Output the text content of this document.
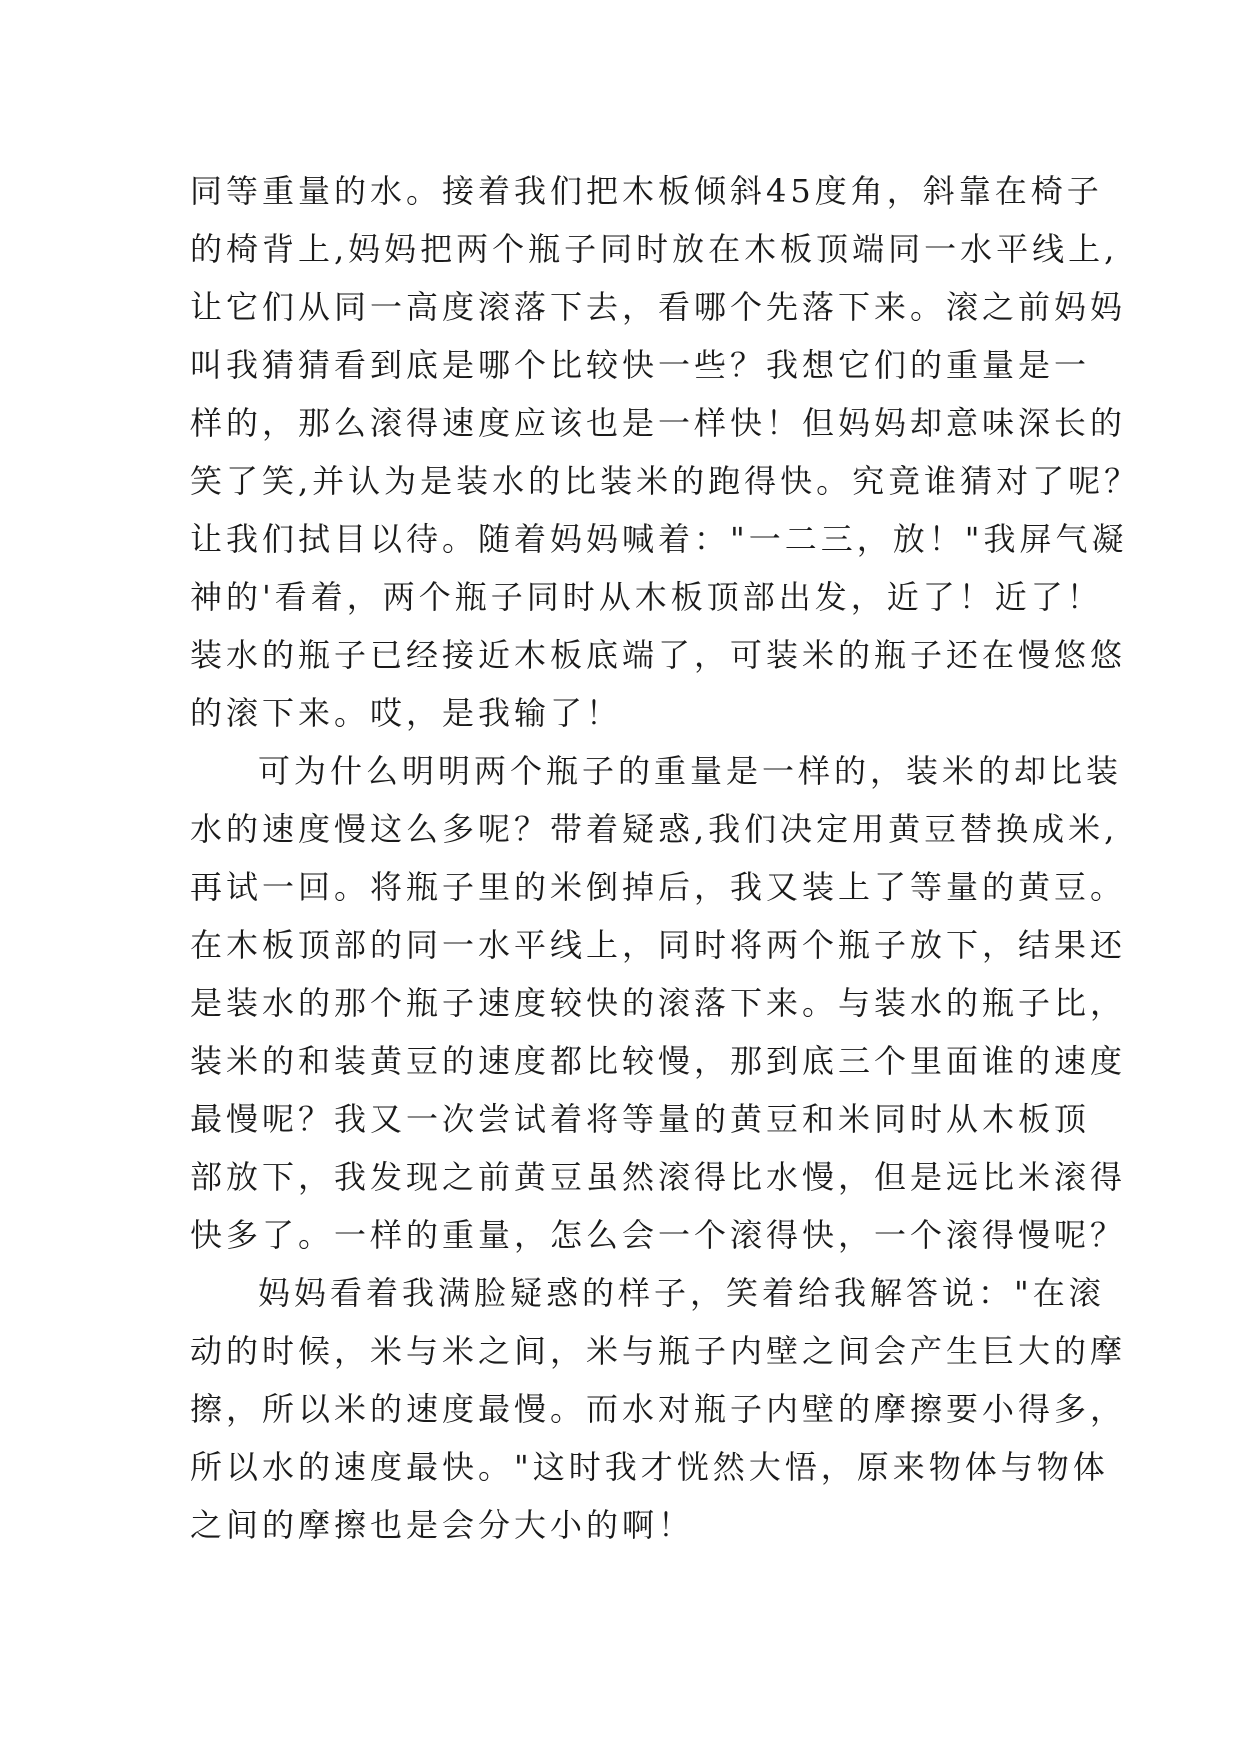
同等重量的水。接着我们把木板倾斜45度角，斜靠在椅子
的椅背上,妈妈把两个瓶子同时放在木板顶端同一水平线上,
让它们从同一高度滚落下去，看哪个先落下来。滚之前妈妈
叫我猜猜看到底是哪个比较快一些？我想它们的重量是一
样的，那么滚得速度应该也是一样快！但妈妈却意味深长的
笑了笑,并认为是装水的比装米的跑得快。究竟谁猜对了呢？
让我们拭目以待。随着妈妈喊着："一二三，放！"我屏气凝
神的'看着，两个瓶子同时从木板顶部出发，近了！近了！
装水的瓶子已经接近木板底端了，可装米的瓶子还在慢悠悠
的滚下来。哎，是我输了！
可为什么明明两个瓶子的重量是一样的，装米的却比装
水的速度慢这么多呢？带着疑惑,我们决定用黄豆替换成米,
再试一回。将瓶子里的米倒掉后，我又装上了等量的黄豆。
在木板顶部的同一水平线上，同时将两个瓶子放下，结果还
是装水的那个瓶子速度较快的滚落下来。与装水的瓶子比，
装米的和装黄豆的速度都比较慢，那到底三个里面谁的速度
最慢呢？我又一次尝试着将等量的黄豆和米同时从木板顶
部放下，我发现之前黄豆虽然滚得比水慢，但是远比米滚得
快多了。一样的重量，怎么会一个滚得快，一个滚得慢呢？
妈妈看着我满脸疑惑的样子，笑着给我解答说："在滚
动的时候，米与米之间，米与瓶子内壁之间会产生巨大的摩
擦，所以米的速度最慢。而水对瓶子内壁的摩擦要小得多，
所以水的速度最快。"这时我才恍然大悟，原来物体与物体
之间的摩擦也是会分大小的啊！
